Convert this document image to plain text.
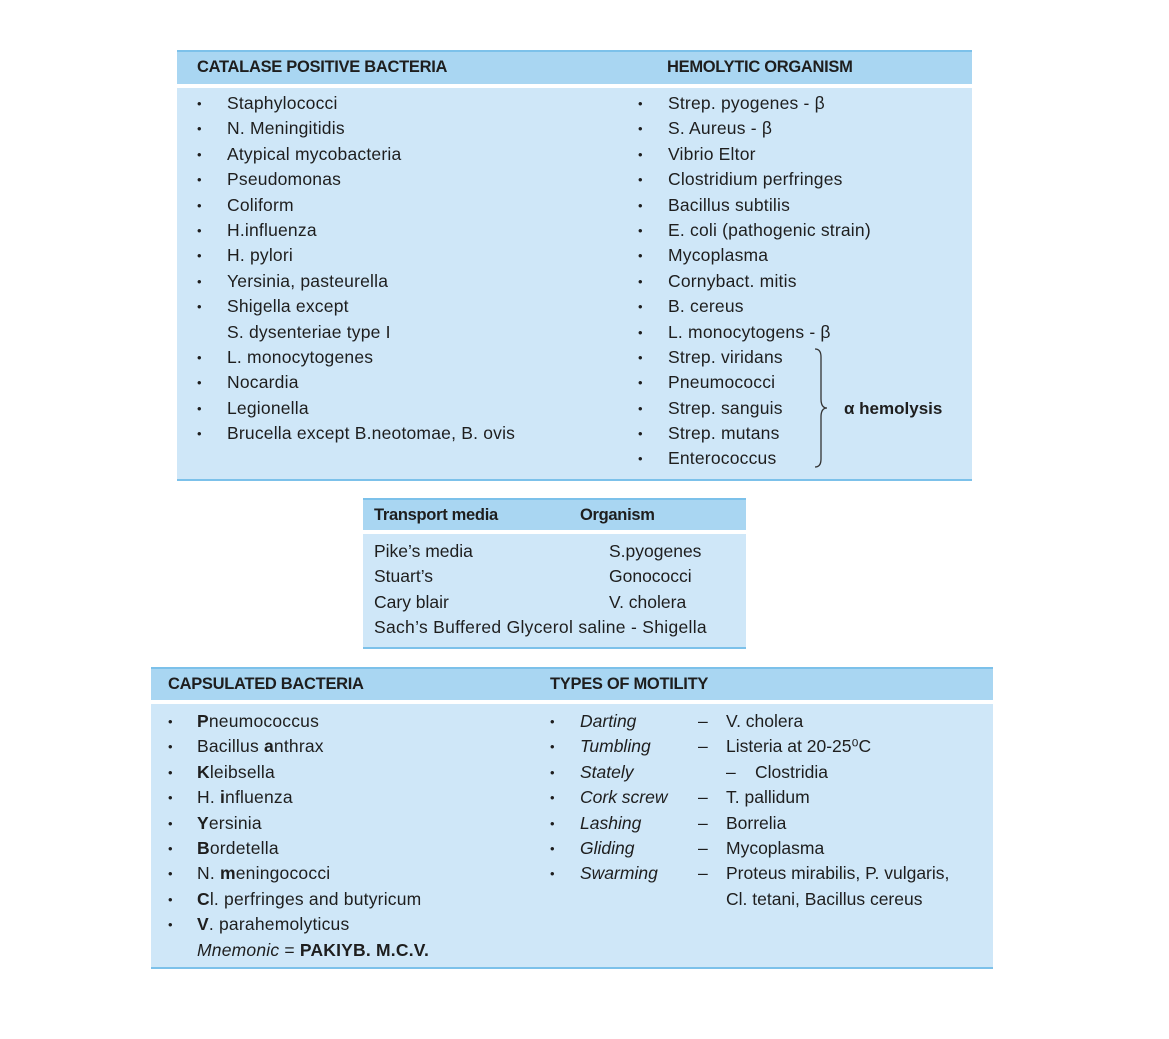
CATALASE POSITIVE BACTERIA	HEMOLYTIC ORGANISM
• Staphylococci
• N. Meningitidis
• Atypical mycobacteria
• Pseudomonas
• Coliform
• H.influenza
• H. pylori
• Yersinia, pasteurella
• Shigella except
S. dysenteriae type I
• L. monocytogenes
• Nocardia
• Legionella
• Brucella except B.neotomae, B. ovis
• Strep. pyogenes - β
• S. Aureus - β
• Vibrio Eltor
• Clostridium perfringes
• Bacillus subtilis
• E. coli (pathogenic strain)
• Mycoplasma
• Cornybact. mitis
• B. cereus
• L. monocytogens - β
• Strep. viridans
• Pneumococci
• Strep. sanguis
• Strep. mutans
• Enterococcus
α hemolysis
Transport media	Organism
Pike’s media	S.pyogenes
Stuart’s	Gonococci
Cary blair	V. cholera
Sach’s Buffered Glycerol saline - Shigella
CAPSULATED BACTERIA	TYPES OF MOTILITY
• Pneumococcus
• Bacillus anthrax
• Kleibsella
• H. influenza
• Yersinia
• Bordetella
• N. meningococci
• Cl. perfringes and butyricum
• V. parahemolyticus
Mnemonic = PAKIYB. M.C.V.
• Darting	– V. cholera
• Tumbling	– Listeria at 20-25⁰C
• Stately	– Clostridia
• Cork screw – T. pallidum
• Lashing	– Borrelia
• Gliding	– Mycoplasma
• Swarming – Proteus mirabilis, P. vulgaris,
Cl. tetani, Bacillus cereus
